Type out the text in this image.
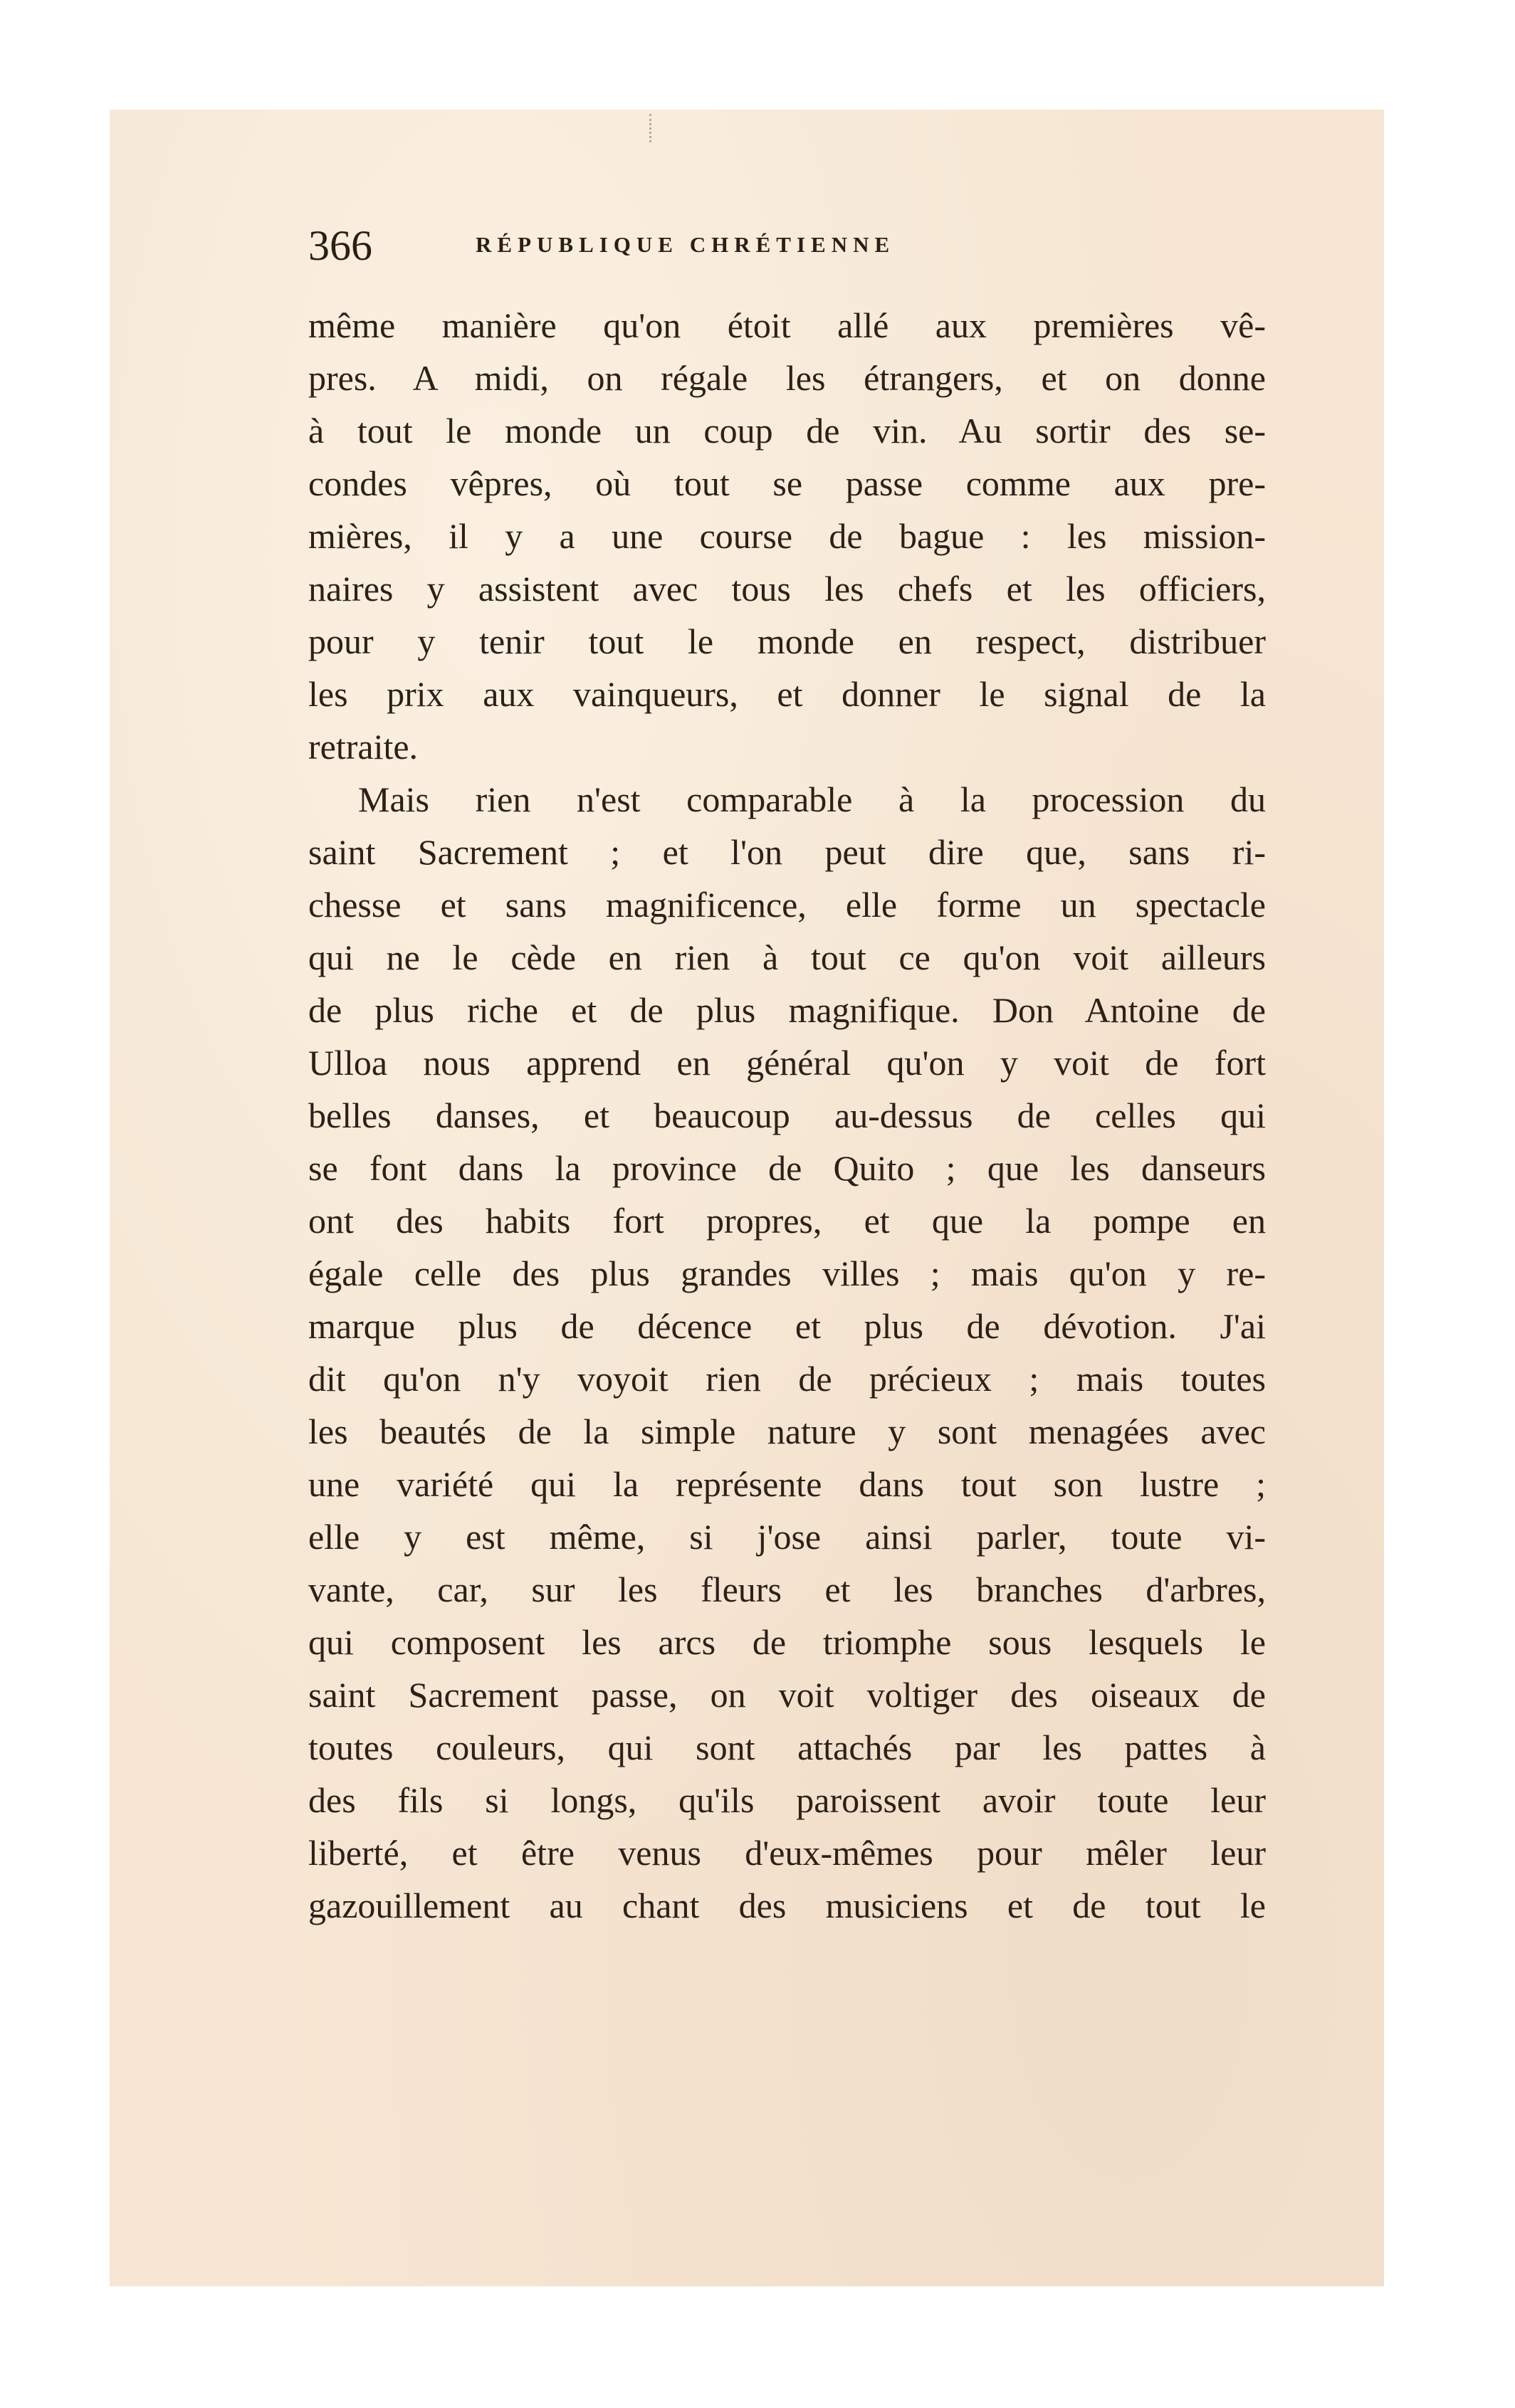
366	RÉPUBLIQUE CHRÉTIENNE
même manière qu'on étoit allé aux premières vê-
pres. A midi, on régale les étrangers, et on donne
à tout le monde un coup de vin. Au sortir des se-
condes vêpres, où tout se passe comme aux pre-
mières, il y a une course de bague : les mission-
naires y assistent avec tous les chefs et les officiers,
pour y tenir tout le monde en respect, distribuer
les prix aux vainqueurs, et donner le signal de la
retraite.
Mais rien n'est comparable à la procession du
saint Sacrement ; et l'on peut dire que, sans ri-
chesse et sans magnificence, elle forme un spectacle
qui ne le cède en rien à tout ce qu'on voit ailleurs
de plus riche et de plus magnifique. Don Antoine de
Ulloa nous apprend en général qu'on y voit de fort
belles danses, et beaucoup au-dessus de celles qui
se font dans la province de Quito ; que les danseurs
ont des habits fort propres, et que la pompe en
égale celle des plus grandes villes ; mais qu'on y re-
marque plus de décence et plus de dévotion. J'ai
dit qu'on n'y voyoit rien de précieux ; mais toutes
les beautés de la simple nature y sont menagées avec
une variété qui la représente dans tout son lustre ;
elle y est même, si j'ose ainsi parler, toute vi-
vante, car, sur les fleurs et les branches d'arbres,
qui composent les arcs de triomphe sous lesquels le
saint Sacrement passe, on voit voltiger des oiseaux de
toutes couleurs, qui sont attachés par les pattes à
des fils si longs, qu'ils paroissent avoir toute leur
liberté, et être venus d'eux-mêmes pour mêler leur
gazouillement au chant des musiciens et de tout le
